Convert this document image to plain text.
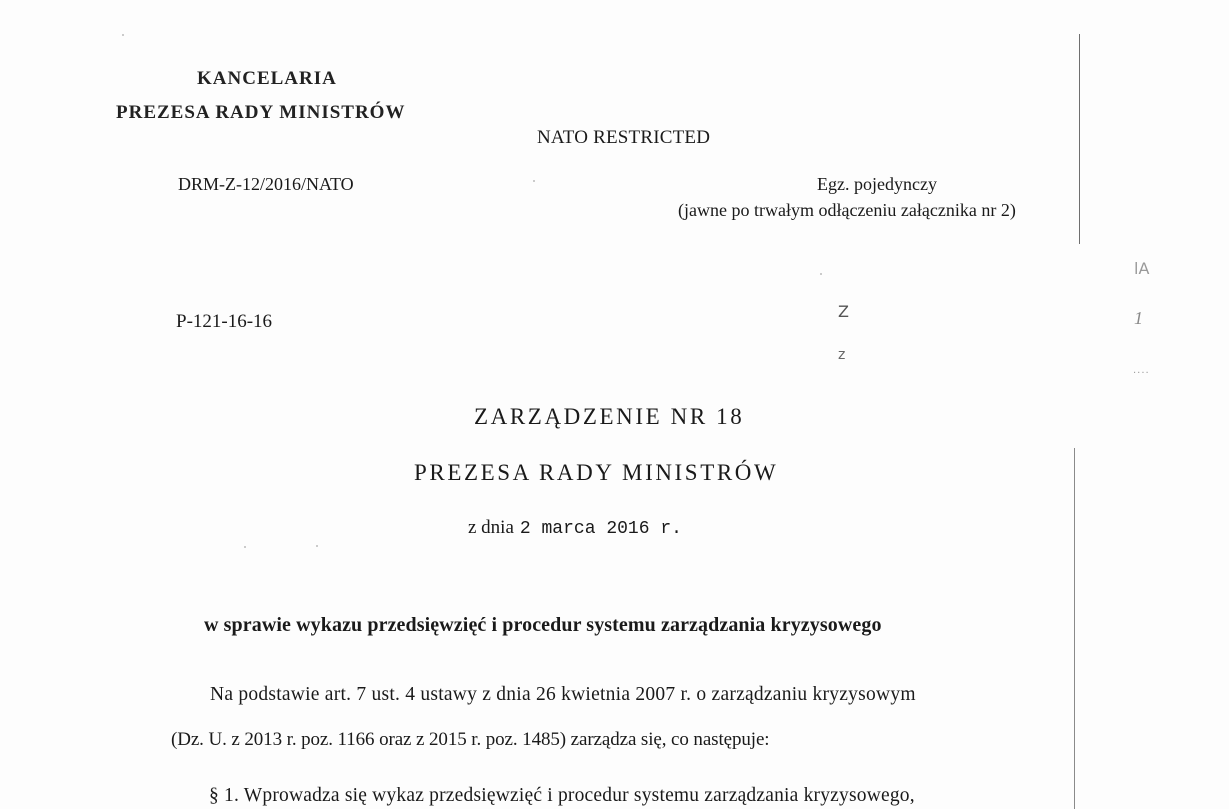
KANCELARIA
PREZESA RADY MINISTRÓW
NATO RESTRICTED
DRM-Z-12/2016/NATO	Egz. pojedynczy
(jawne po trwałym odłączeniu załącznika nr 2)
P-121-16-16	Z
z
lA
1
....
ZARZĄDZENIE NR 18
PREZESA RADY MINISTRÓW
z dnia 2 marca 2016 r.
w sprawie wykazu przedsięwzięć i procedur systemu zarządzania kryzysowego
Na podstawie art. 7 ust. 4 ustawy z dnia 26 kwietnia 2007 r. o zarządzaniu kryzysowym
(Dz. U. z 2013 r. poz. 1166 oraz z 2015 r. poz. 1485) zarządza się, co następuje:
§ 1. Wprowadza się wykaz przedsięwzięć i procedur systemu zarządzania kryzysowego,
